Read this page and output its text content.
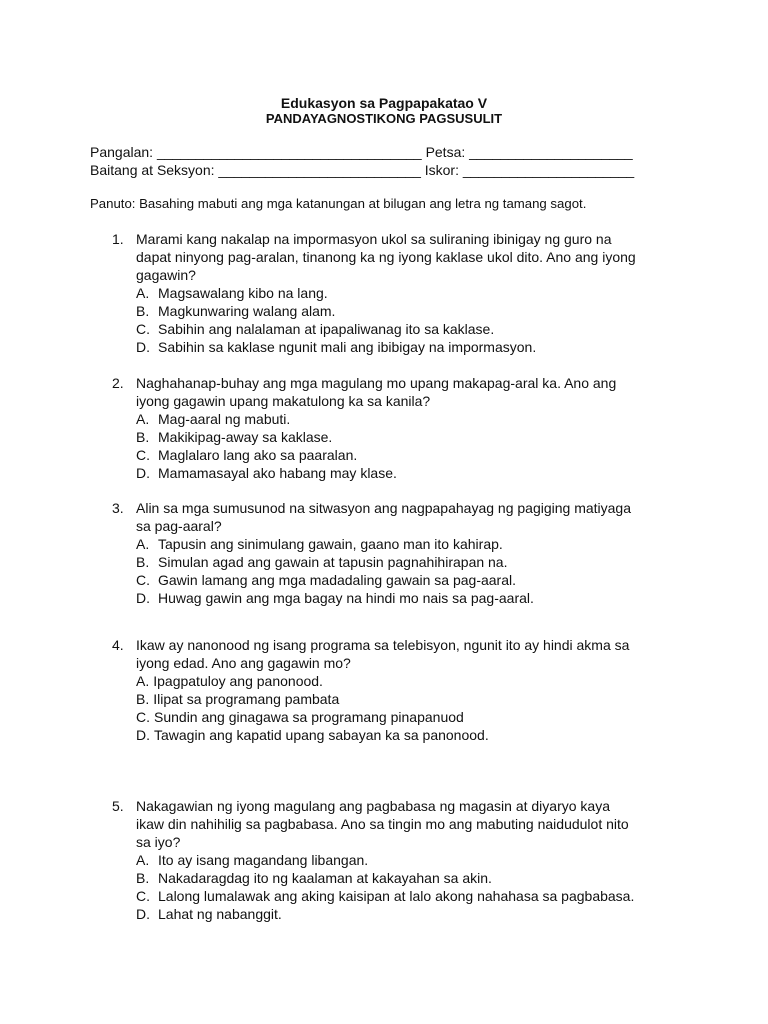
Edukasyon sa Pagpapakatao V
PANDAYAGNOSTIKONG PAGSUSULIT
Pangalan: __________________________________ Petsa: _____________________
Baitang at Seksyon: __________________________ Iskor: ______________________
Panuto: Basahing mabuti ang mga katanungan at bilugan ang letra ng tamang sagot.
1. Marami kang nakalap na impormasyon ukol sa suliraning ibinigay ng guro na
dapat ninyong pag-aralan, tinanong ka ng iyong kaklase ukol dito. Ano ang iyong
gagawin?
A. Magsawalang kibo na lang.
B. Magkunwaring walang alam.
C. Sabihin ang nalalaman at ipapaliwanag ito sa kaklase.
D. Sabihin sa kaklase ngunit mali ang ibibigay na impormasyon.
2. Naghahanap-buhay ang mga magulang mo upang makapag-aral ka. Ano ang
iyong gagawin upang makatulong ka sa kanila?
A. Mag-aaral ng mabuti.
B. Makikipag-away sa kaklase.
C. Maglalaro lang ako sa paaralan.
D. Mamamasayal ako habang may klase.
3. Alin sa mga sumusunod na sitwasyon ang nagpapahayag ng pagiging matiyaga
sa pag-aaral?
A. Tapusin ang sinimulang gawain, gaano man ito kahirap.
B. Simulan agad ang gawain at tapusin pagnahihirapan na.
C. Gawin lamang ang mga madadaling gawain sa pag-aaral.
D. Huwag gawin ang mga bagay na hindi mo nais sa pag-aaral.
4. Ikaw ay nanonood ng isang programa sa telebisyon, ngunit ito ay hindi akma sa
iyong edad. Ano ang gagawin mo?
A. Ipagpatuloy ang panonood.
B. Ilipat sa programang pambata
C. Sundin ang ginagawa sa programang pinapanuod
D. Tawagin ang kapatid upang sabayan ka sa panonood.
5. Nakagawian ng iyong magulang ang pagbabasa ng magasin at diyaryo kaya
ikaw din nahihilig sa pagbabasa. Ano sa tingin mo ang mabuting naidudulot nito
sa iyo?
A. Ito ay isang magandang libangan.
B. Nakadaragdag ito ng kaalaman at kakayahan sa akin.
C. Lalong lumalawak ang aking kaisipan at lalo akong nahahasa sa pagbabasa.
D. Lahat ng nabanggit.
